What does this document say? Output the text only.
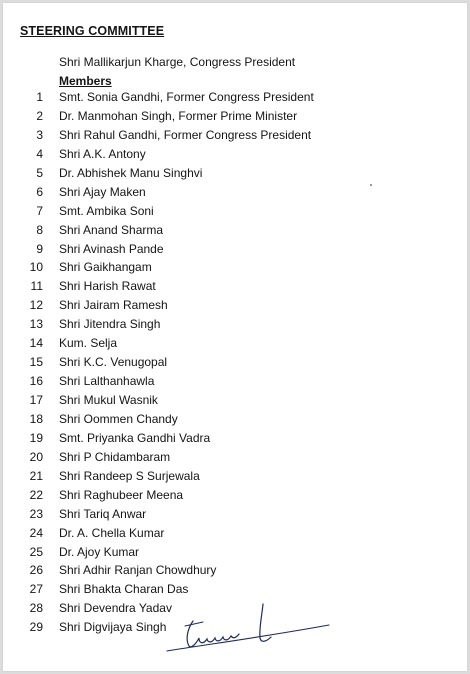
STEERING COMMITTEE
Shri Mallikarjun Kharge, Congress President
Members
1 Smt. Sonia Gandhi, Former Congress President
2 Dr. Manmohan Singh, Former Prime Minister
3 Shri Rahul Gandhi, Former Congress President
4 Shri A.K. Antony
5 Dr. Abhishek Manu Singhvi
6 Shri Ajay Maken
7 Smt. Ambika Soni
8 Shri Anand Sharma
9 Shri Avinash Pande
10 Shri Gaikhangam
11 Shri Harish Rawat
12 Shri Jairam Ramesh
13 Shri Jitendra Singh
14 Kum. Selja
15 Shri K.C. Venugopal
16 Shri Lalthanhawla
17 Shri Mukul Wasnik
18 Shri Oommen Chandy
19 Smt. Priyanka Gandhi Vadra
20 Shri P Chidambaram
21 Shri Randeep S Surjewala
22 Shri Raghubeer Meena
23 Shri Tariq Anwar
24 Dr. A. Chella Kumar
25 Dr. Ajoy Kumar
26 Shri Adhir Ranjan Chowdhury
27 Shri Bhakta Charan Das
28 Shri Devendra Yadav
29 Shri Digvijaya Singh
